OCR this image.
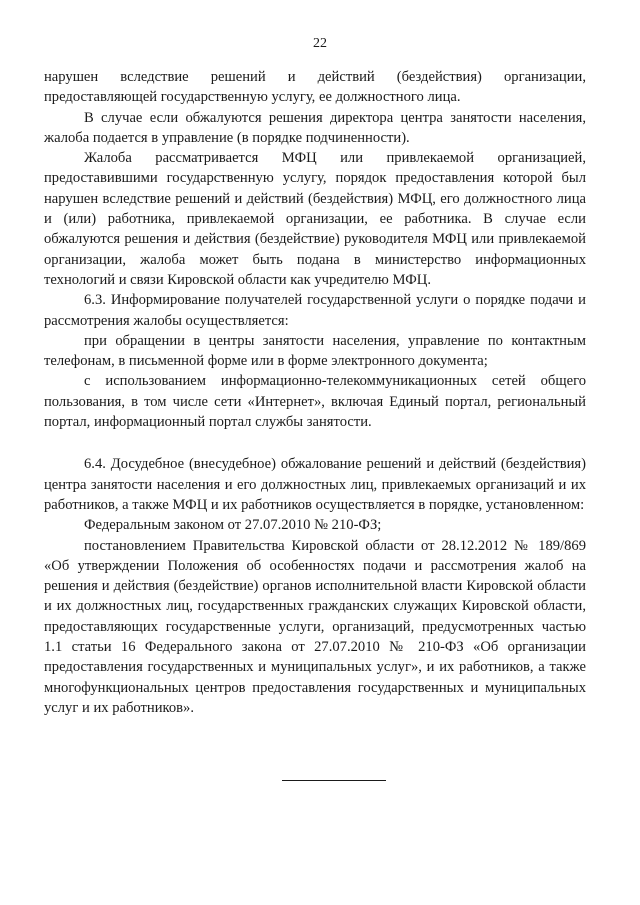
22

нарушен вследствие решений и действий (бездействия) организации, предоставляющей государственную услугу, ее должностного лица.

В случае если обжалуются решения директора центра занятости населения, жалоба подается в управление (в порядке подчиненности).

Жалоба рассматривается МФЦ или привлекаемой организацией, предоставившими государственную услугу, порядок предоставления которой был нарушен вследствие решений и действий (бездействия) МФЦ, его должностного лица и (или) работника, привлекаемой организации, ее работника. В случае если обжалуются решения и действия (бездействие) руководителя МФЦ или привлекаемой организации, жалоба может быть подана в министерство информационных технологий и связи Кировской области как учредителю МФЦ.

6.3. Информирование получателей государственной услуги о порядке подачи и рассмотрения жалобы осуществляется:

при обращении в центры занятости населения, управление по контактным телефонам, в письменной форме или в форме электронного документа;

с использованием информационно-телекоммуникационных сетей общего пользования, в том числе сети «Интернет», включая Единый портал, региональный портал, информационный портал службы занятости.

6.4. Досудебное (внесудебное) обжалование решений и действий (бездействия) центра занятости населения и его должностных лиц, привлекаемых организаций и их работников, а также МФЦ и их работников осуществляется в порядке, установленном:

Федеральным законом от 27.07.2010 № 210-ФЗ;

постановлением Правительства Кировской области от 28.12.2012 № 189/869 «Об утверждении Положения об особенностях подачи и рассмотрения жалоб на решения и действия (бездействие) органов исполнительной власти Кировской области и их должностных лиц, государственных гражданских служащих Кировской области, предоставляющих государственные услуги, организаций, предусмотренных частью 1.1 статьи 16 Федерального закона от 27.07.2010 № 210-ФЗ «Об организации предоставления государственных и муниципальных услуг», и их работников, а также многофункциональных центров предоставления государственных и муниципальных услуг и их работников».
